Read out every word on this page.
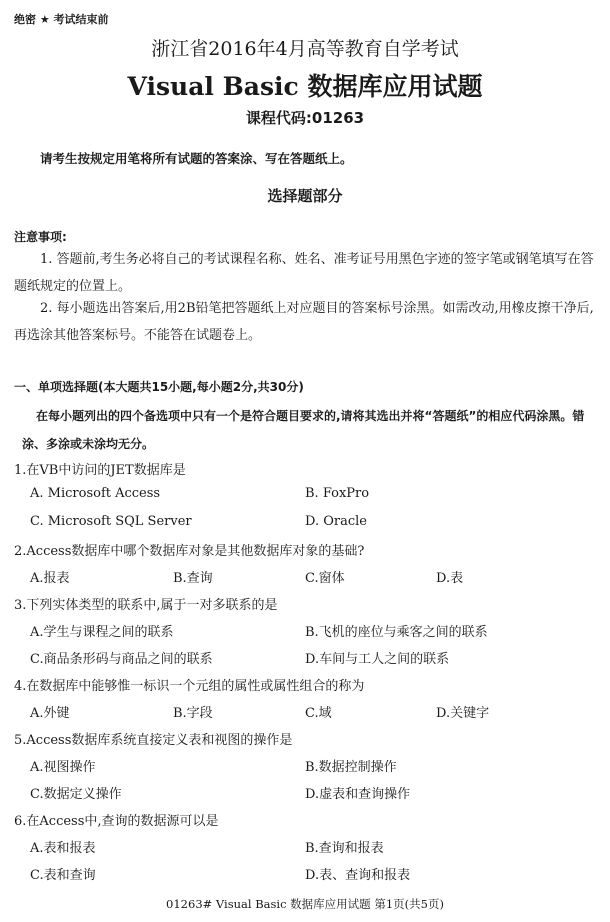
绝密 ★ 考试结束前
浙江省2016年4月高等教育自学考试
Visual Basic 数据库应用试题
课程代码:01263
请考生按规定用笔将所有试题的答案涂、写在答题纸上。
选择题部分
注意事项:
1. 答题前,考生务必将自己的考试课程名称、姓名、准考证号用黑色字迹的签字笔或钢笔填写在答题纸规定的位置上。
2. 每小题选出答案后,用2B铅笔把答题纸上对应题目的答案标号涂黑。如需改动,用橡皮擦干净后,再选涂其他答案标号。不能答在试题卷上。
一、单项选择题(本大题共15小题,每小题2分,共30分)
在每小题列出的四个备选项中只有一个是符合题目要求的,请将其选出并将“答题纸”的相应代码涂黑。错涂、多涂或未涂均无分。
1.在VB中访问的JET数据库是
A. Microsoft Access	B. FoxPro
C. Microsoft SQL Server	D. Oracle
2.Access数据库中哪个数据库对象是其他数据库对象的基础?
A.报表	B.查询	C.窗体	D.表
3.下列实体类型的联系中,属于一对多联系的是
A.学生与课程之间的联系	B.飞机的座位与乘客之间的联系
C.商品条形码与商品之间的联系	D.车间与工人之间的联系
4.在数据库中能够惟一标识一个元组的属性或属性组合的称为
A.外键	B.字段	C.域	D.关键字
5.Access数据库系统直接定义表和视图的操作是
A.视图操作	B.数据控制操作
C.数据定义操作	D.虚表和查询操作
6.在Access中,查询的数据源可以是
A.表和报表	B.查询和报表
C.表和查询	D.表、查询和报表
01263# Visual Basic 数据库应用试题 第1页(共5页)
